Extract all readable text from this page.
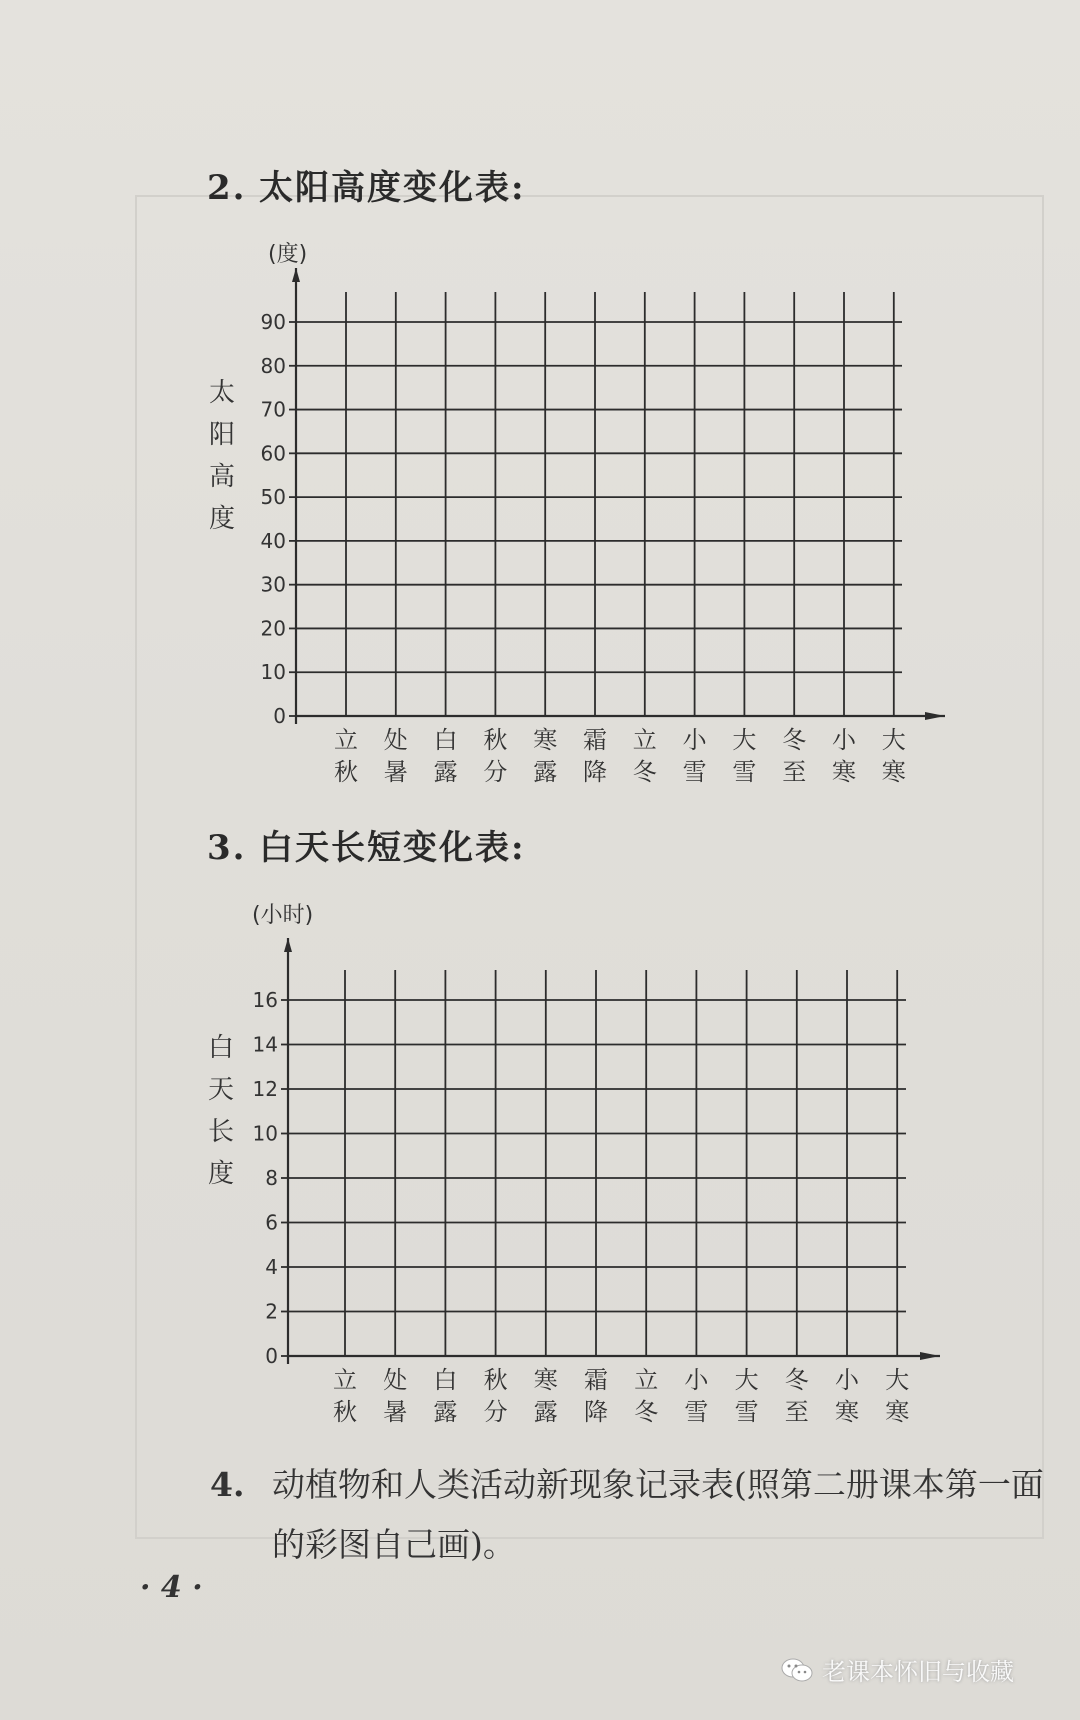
2. 太阳高度变化表:
(度)
太
阳
高
度
0
10
20
30
40
50
60
70
80
90
立
秋
处
暑
白
露
秋
分
寒
露
霜
降
立
冬
小
雪
大
雪
冬
至
小
寒
大
寒
3. 白天长短变化表:
(小时)
白
天
长
度
0
2
4
6
8
10
12
14
16
立
秋
处
暑
白
露
秋
分
寒
露
霜
降
立
冬
小
雪
大
雪
冬
至
小
寒
大
寒
4. 动植物和人类活动新现象记录表(照第二册课本第一面的彩图自己画)。
· 4 ·
老课本怀旧与收藏
